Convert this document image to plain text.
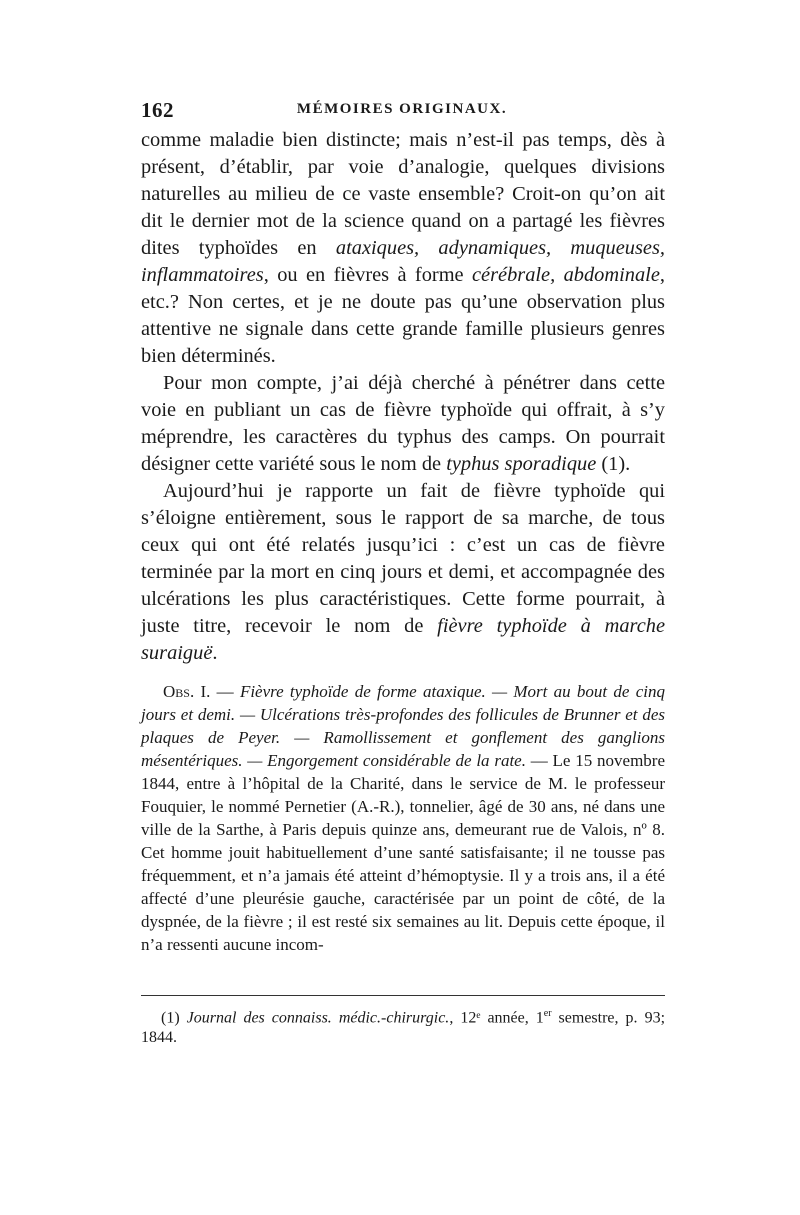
162	MÉMOIRES ORIGINAUX.

comme maladie bien distincte; mais n’est-il pas temps, dès à présent, d’établir, par voie d’analogie, quelques divisions naturelles au milieu de ce vaste ensemble? Croit-on qu’on ait dit le dernier mot de la science quand on a partagé les fièvres dites typhoïdes en ataxiques, adynamiques, muqueuses, inflammatoires, ou en fièvres à forme cérébrale, abdominale, etc.? Non certes, et je ne doute pas qu’une observation plus attentive ne signale dans cette grande famille plusieurs genres bien déterminés.

Pour mon compte, j’ai déjà cherché à pénétrer dans cette voie en publiant un cas de fièvre typhoïde qui offrait, à s’y méprendre, les caractères du typhus des camps. On pourrait désigner cette variété sous le nom de typhus sporadique (1).

Aujourd’hui je rapporte un fait de fièvre typhoïde qui s’éloigne entièrement, sous le rapport de sa marche, de tous ceux qui ont été relatés jusqu’ici : c’est un cas de fièvre terminée par la mort en cinq jours et demi, et accompagnée des ulcérations les plus caractéristiques. Cette forme pourrait, à juste titre, recevoir le nom de fièvre typhoïde à marche suraiguë.

Obs. I. — Fièvre typhoïde de forme ataxique. — Mort au bout de cinq jours et demi. — Ulcérations très-profondes des follicules de Brunner et des plaques de Peyer. — Ramollissement et gonflement des ganglions mésentériques. — Engorgement considérable de la rate. — Le 15 novembre 1844, entre à l’hôpital de la Charité, dans le service de M. le professeur Fouquier, le nommé Pernetier (A.-R.), tonnelier, âgé de 30 ans, né dans une ville de la Sarthe, à Paris depuis quinze ans, demeurant rue de Valois, nº 8. Cet homme jouit habituellement d’une santé satisfaisante; il ne tousse pas fréquemment, et n’a jamais été atteint d’hémoptysie. Il y a trois ans, il a été affecté d’une pleurésie gauche, caractérisée par un point de côté, de la dyspnée, de la fièvre ; il est resté six semaines au lit. Depuis cette époque, il n’a ressenti aucune incom-
(1) Journal des connaiss. médic.-chirurgic., 12ᵉ année, 1er semestre, p. 93; 1844.
